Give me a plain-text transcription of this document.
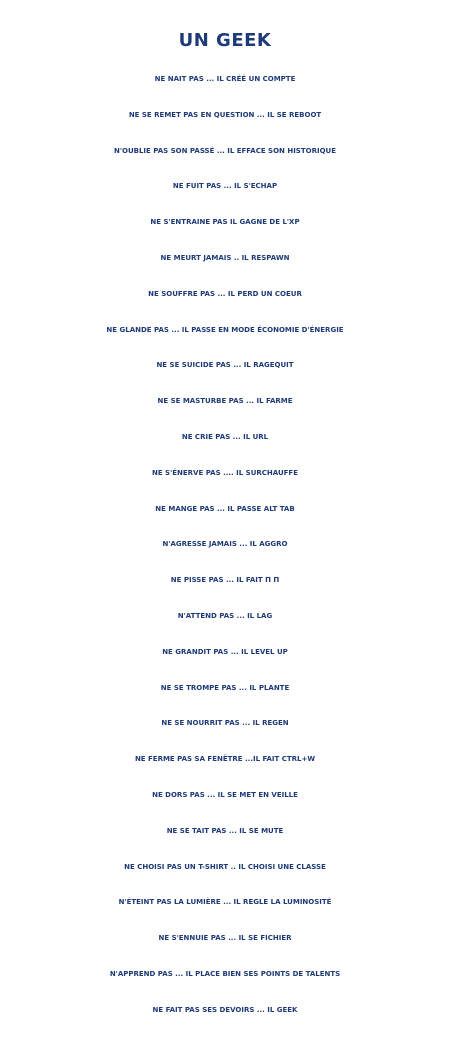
UN GEEK
NE NAIT PAS ... IL CRÉÉ UN COMPTE
NE SE REMET PAS EN QUESTION ... IL SE REBOOT
N'OUBLIE PAS SON PASSÉ ... IL EFFACE SON HISTORIQUE
NE FUIT PAS ... IL S'ECHAP
NE S'ENTRAINE PAS IL GAGNE DE L'XP
NE MEURT JAMAIS .. IL RESPAWN
NE SOUFFRE PAS ... IL PERD UN COEUR
NE GLANDE PAS ... IL PASSE EN MODE ÉCONOMIE D'ÉNERGIE
NE SE SUICIDE PAS ... IL RAGEQUIT
NE SE MASTURBE PAS ... IL FARME
NE CRIE PAS ... IL URL
NE S'ÉNERVE PAS .... IL SURCHAUFFE
NE MANGE PAS ... IL PASSE ALT TAB
N'AGRESSE JAMAIS ... IL AGGRO
NE PISSE PAS ... IL FAIT Π Π
N'ATTEND PAS ... IL LAG
NE GRANDIT PAS ... IL LEVEL UP
NE SE TROMPE PAS ... IL PLANTE
NE SE NOURRIT PAS ... IL REGEN
NE FERME PAS SA FENÊTRE ...IL FAIT CTRL+W
NE DORS PAS ... IL SE MET EN VEILLE
NE SE TAIT PAS ... IL SE MUTE
NE CHOISI PAS UN T-SHIRT .. IL CHOISI UNE CLASSE
N'ÉTEINT PAS LA LUMIÈRE ... IL REGLE LA LUMINOSITÉ
NE S'ENNUIE PAS ... IL SE FICHIER
N'APPREND PAS ... IL PLACE BIEN SES POINTS DE TALENTS
NE FAIT PAS SES DEVOIRS ... IL GEEK
